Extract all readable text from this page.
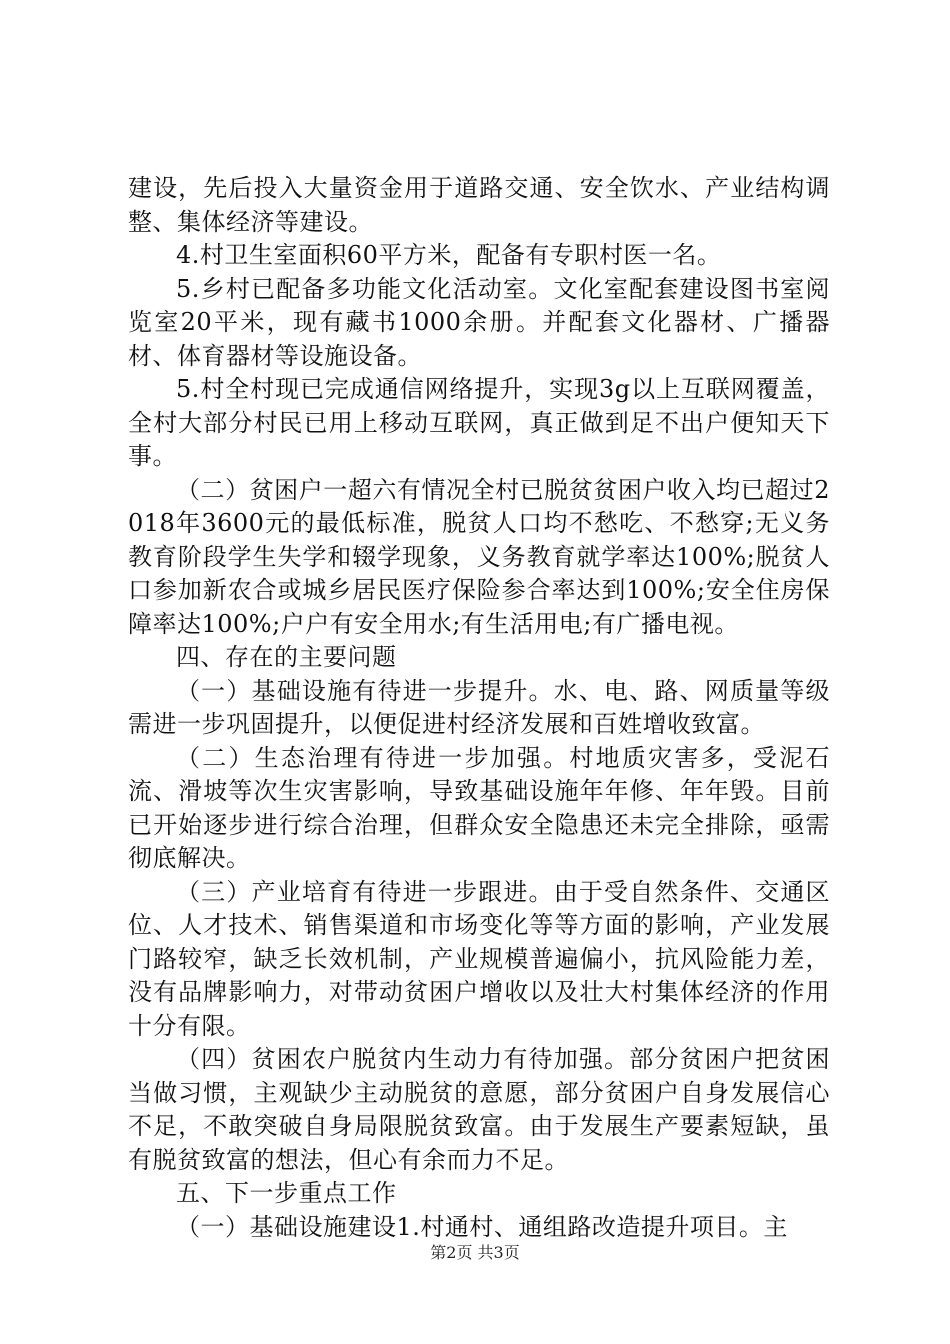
建设，先后投入大量资金用于道路交通、安全饮水、产业结构调整、集体经济等建设。

4.村卫生室面积60平方米，配备有专职村医一名。

5.乡村已配备多功能文化活动室。文化室配套建设图书室阅览室20平米，现有藏书1000余册。并配套文化器材、广播器材、体育器材等设施设备。

5.村全村现已完成通信网络提升，实现3g以上互联网覆盖，全村大部分村民已用上移动互联网，真正做到足不出户便知天下事。

（二）贫困户一超六有情况全村已脱贫贫困户收入均已超过2018年3600元的最低标准，脱贫人口均不愁吃、不愁穿;无义务教育阶段学生失学和辍学现象，义务教育就学率达100%;脱贫人口参加新农合或城乡居民医疗保险参合率达到100%;安全住房保障率达100%;户户有安全用水;有生活用电;有广播电视。

四、存在的主要问题

（一）基础设施有待进一步提升。水、电、路、网质量等级需进一步巩固提升，以便促进村经济发展和百姓增收致富。

（二）生态治理有待进一步加强。村地质灾害多，受泥石流、滑坡等次生灾害影响，导致基础设施年年修、年年毁。目前已开始逐步进行综合治理，但群众安全隐患还未完全排除，亟需彻底解决。

（三）产业培育有待进一步跟进。由于受自然条件、交通区位、人才技术、销售渠道和市场变化等等方面的影响，产业发展门路较窄，缺乏长效机制，产业规模普遍偏小，抗风险能力差，没有品牌影响力，对带动贫困户增收以及壮大村集体经济的作用十分有限。

（四）贫困农户脱贫内生动力有待加强。部分贫困户把贫困当做习惯，主观缺少主动脱贫的意愿，部分贫困户自身发展信心不足，不敢突破自身局限脱贫致富。由于发展生产要素短缺，虽有脱贫致富的想法，但心有余而力不足。

五、下一步重点工作

（一）基础设施建设1.村通村、通组路改造提升项目。主

第2页 共3页
